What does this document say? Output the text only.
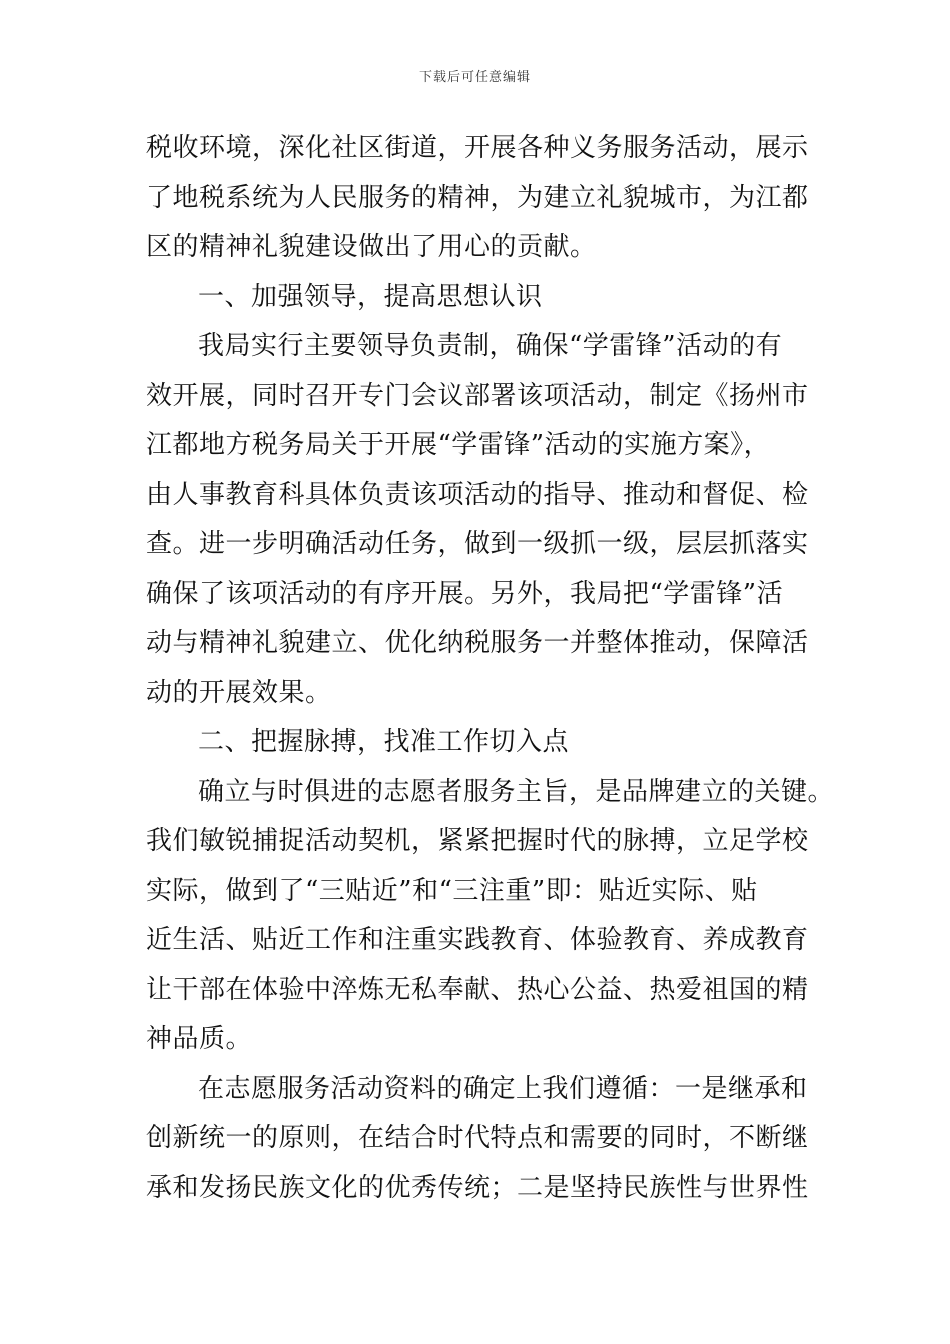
下载后可任意编辑
税收环境，深化社区街道，开展各种义务服务活动，展示
了地税系统为人民服务的精神，为建立礼貌城市，为江都
区的精神礼貌建设做出了用心的贡献。
一、加强领导，提高思想认识
我局实行主要领导负责制，确保“学雷锋”活动的有
效开展，同时召开专门会议部署该项活动，制定《扬州市
江都地方税务局关于开展“学雷锋”活动的实施方案》，
由人事教育科具体负责该项活动的指导、推动和督促、检
查。进一步明确活动任务，做到一级抓一级，层层抓落实
确保了该项活动的有序开展。另外，我局把“学雷锋”活
动与精神礼貌建立、优化纳税服务一并整体推动，保障活
动的开展效果。
二、把握脉搏，找准工作切入点
确立与时俱进的志愿者服务主旨，是品牌建立的关键。
我们敏锐捕捉活动契机，紧紧把握时代的脉搏，立足学校
实际，做到了“三贴近”和“三注重”即：贴近实际、贴
近生活、贴近工作和注重实践教育、体验教育、养成教育
让干部在体验中淬炼无私奉献、热心公益、热爱祖国的精
神品质。
在志愿服务活动资料的确定上我们遵循：一是继承和
创新统一的原则，在结合时代特点和需要的同时，不断继
承和发扬民族文化的优秀传统；二是坚持民族性与世界性
